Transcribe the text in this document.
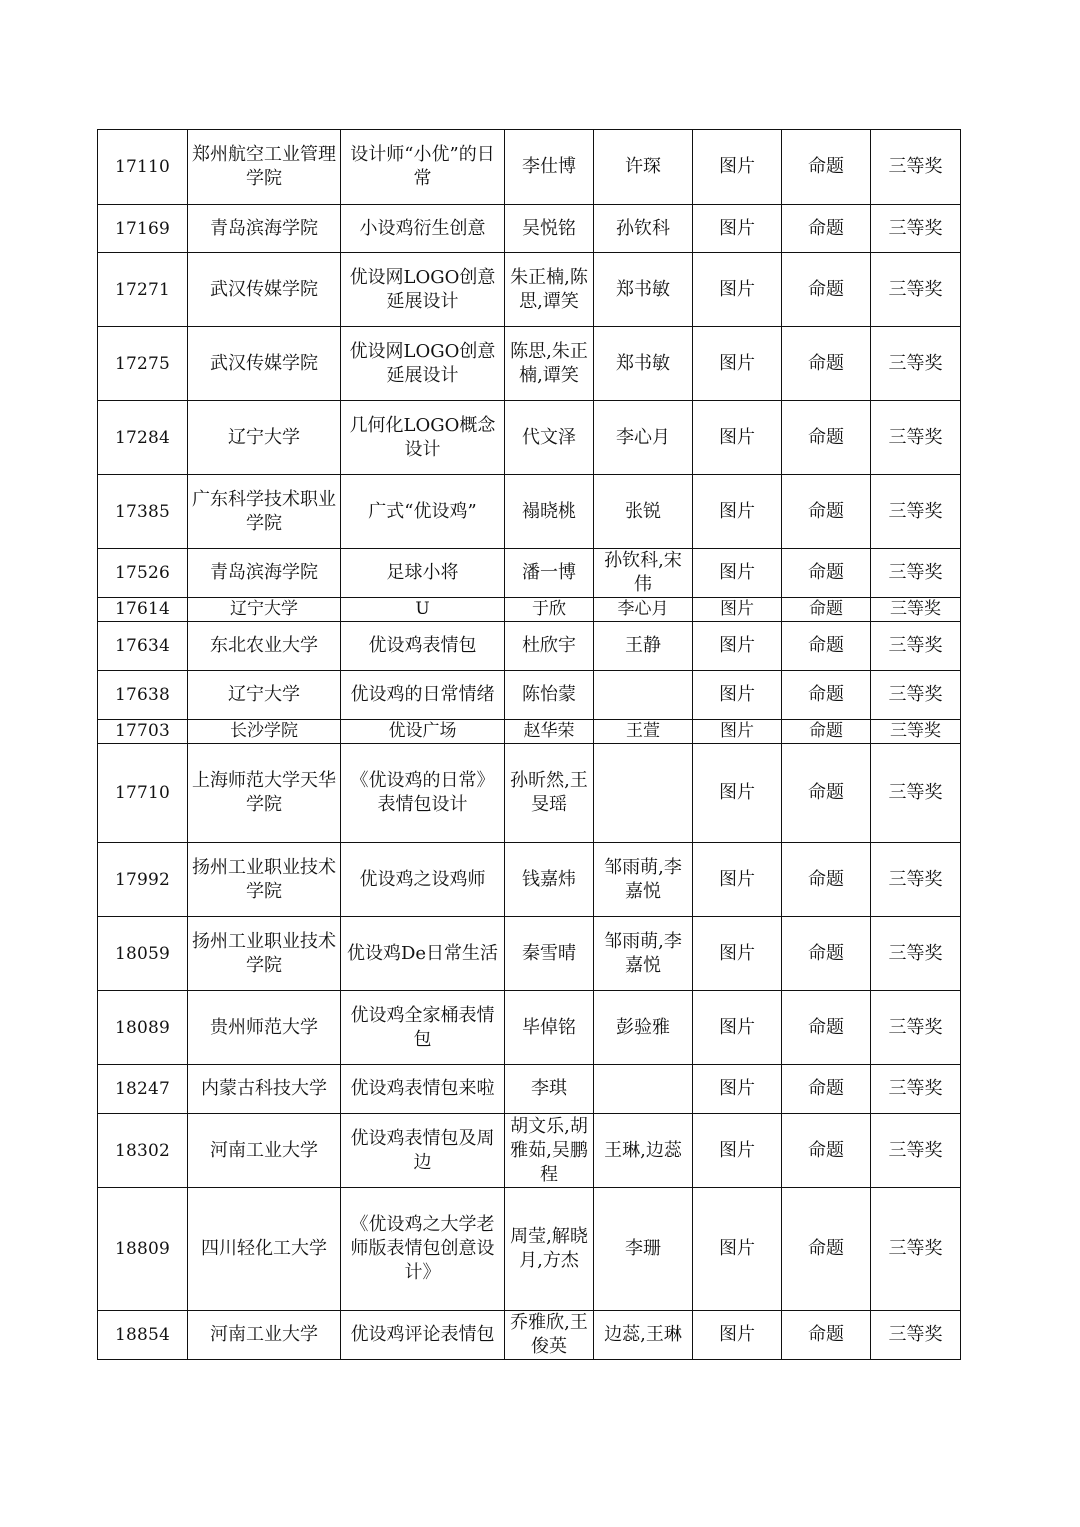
17110	郑州航空工业管理学院	设计师“小优”的日常	李仕博	许琛	图片	命题	三等奖
17169	青岛滨海学院	小设鸡衍生创意	吴悦铭	孙钦科	图片	命题	三等奖
17271	武汉传媒学院	优设网LOGO创意延展设计	朱正楠,陈思,谭笑	郑书敏	图片	命题	三等奖
17275	武汉传媒学院	优设网LOGO创意延展设计	陈思,朱正楠,谭笑	郑书敏	图片	命题	三等奖
17284	辽宁大学	几何化LOGO概念设计	代文泽	李心月	图片	命题	三等奖
17385	广东科学技术职业学院	广式“优设鸡”	褟晓桃	张锐	图片	命题	三等奖
17526	青岛滨海学院	足球小将	潘一博	孙钦科,宋伟	图片	命题	三等奖
17614	辽宁大学	U	于欣	李心月	图片	命题	三等奖
17634	东北农业大学	优设鸡表情包	杜欣宇	王静	图片	命题	三等奖
17638	辽宁大学	优设鸡的日常情绪	陈怡蒙		图片	命题	三等奖
17703	长沙学院	优设广场	赵华荣	王萱	图片	命题	三等奖
17710	上海师范大学天华学院	《优设鸡的日常》表情包设计	孙昕然,王旻瑶		图片	命题	三等奖
17992	扬州工业职业技术学院	优设鸡之设鸡师	钱嘉炜	邹雨萌,李嘉悦	图片	命题	三等奖
18059	扬州工业职业技术学院	优设鸡De日常生活	秦雪晴	邹雨萌,李嘉悦	图片	命题	三等奖
18089	贵州师范大学	优设鸡全家桶表情包	毕倬铭	彭验雅	图片	命题	三等奖
18247	内蒙古科技大学	优设鸡表情包来啦	李琪		图片	命题	三等奖
18302	河南工业大学	优设鸡表情包及周边	胡文乐,胡雅茹,吴鹏程	王琳,边蕊	图片	命题	三等奖
18809	四川轻化工大学	《优设鸡之大学老师版表情包创意设计》	周莹,解晓月,方杰	李珊	图片	命题	三等奖
18854	河南工业大学	优设鸡评论表情包	乔雅欣,王俊英	边蕊,王琳	图片	命题	三等奖
